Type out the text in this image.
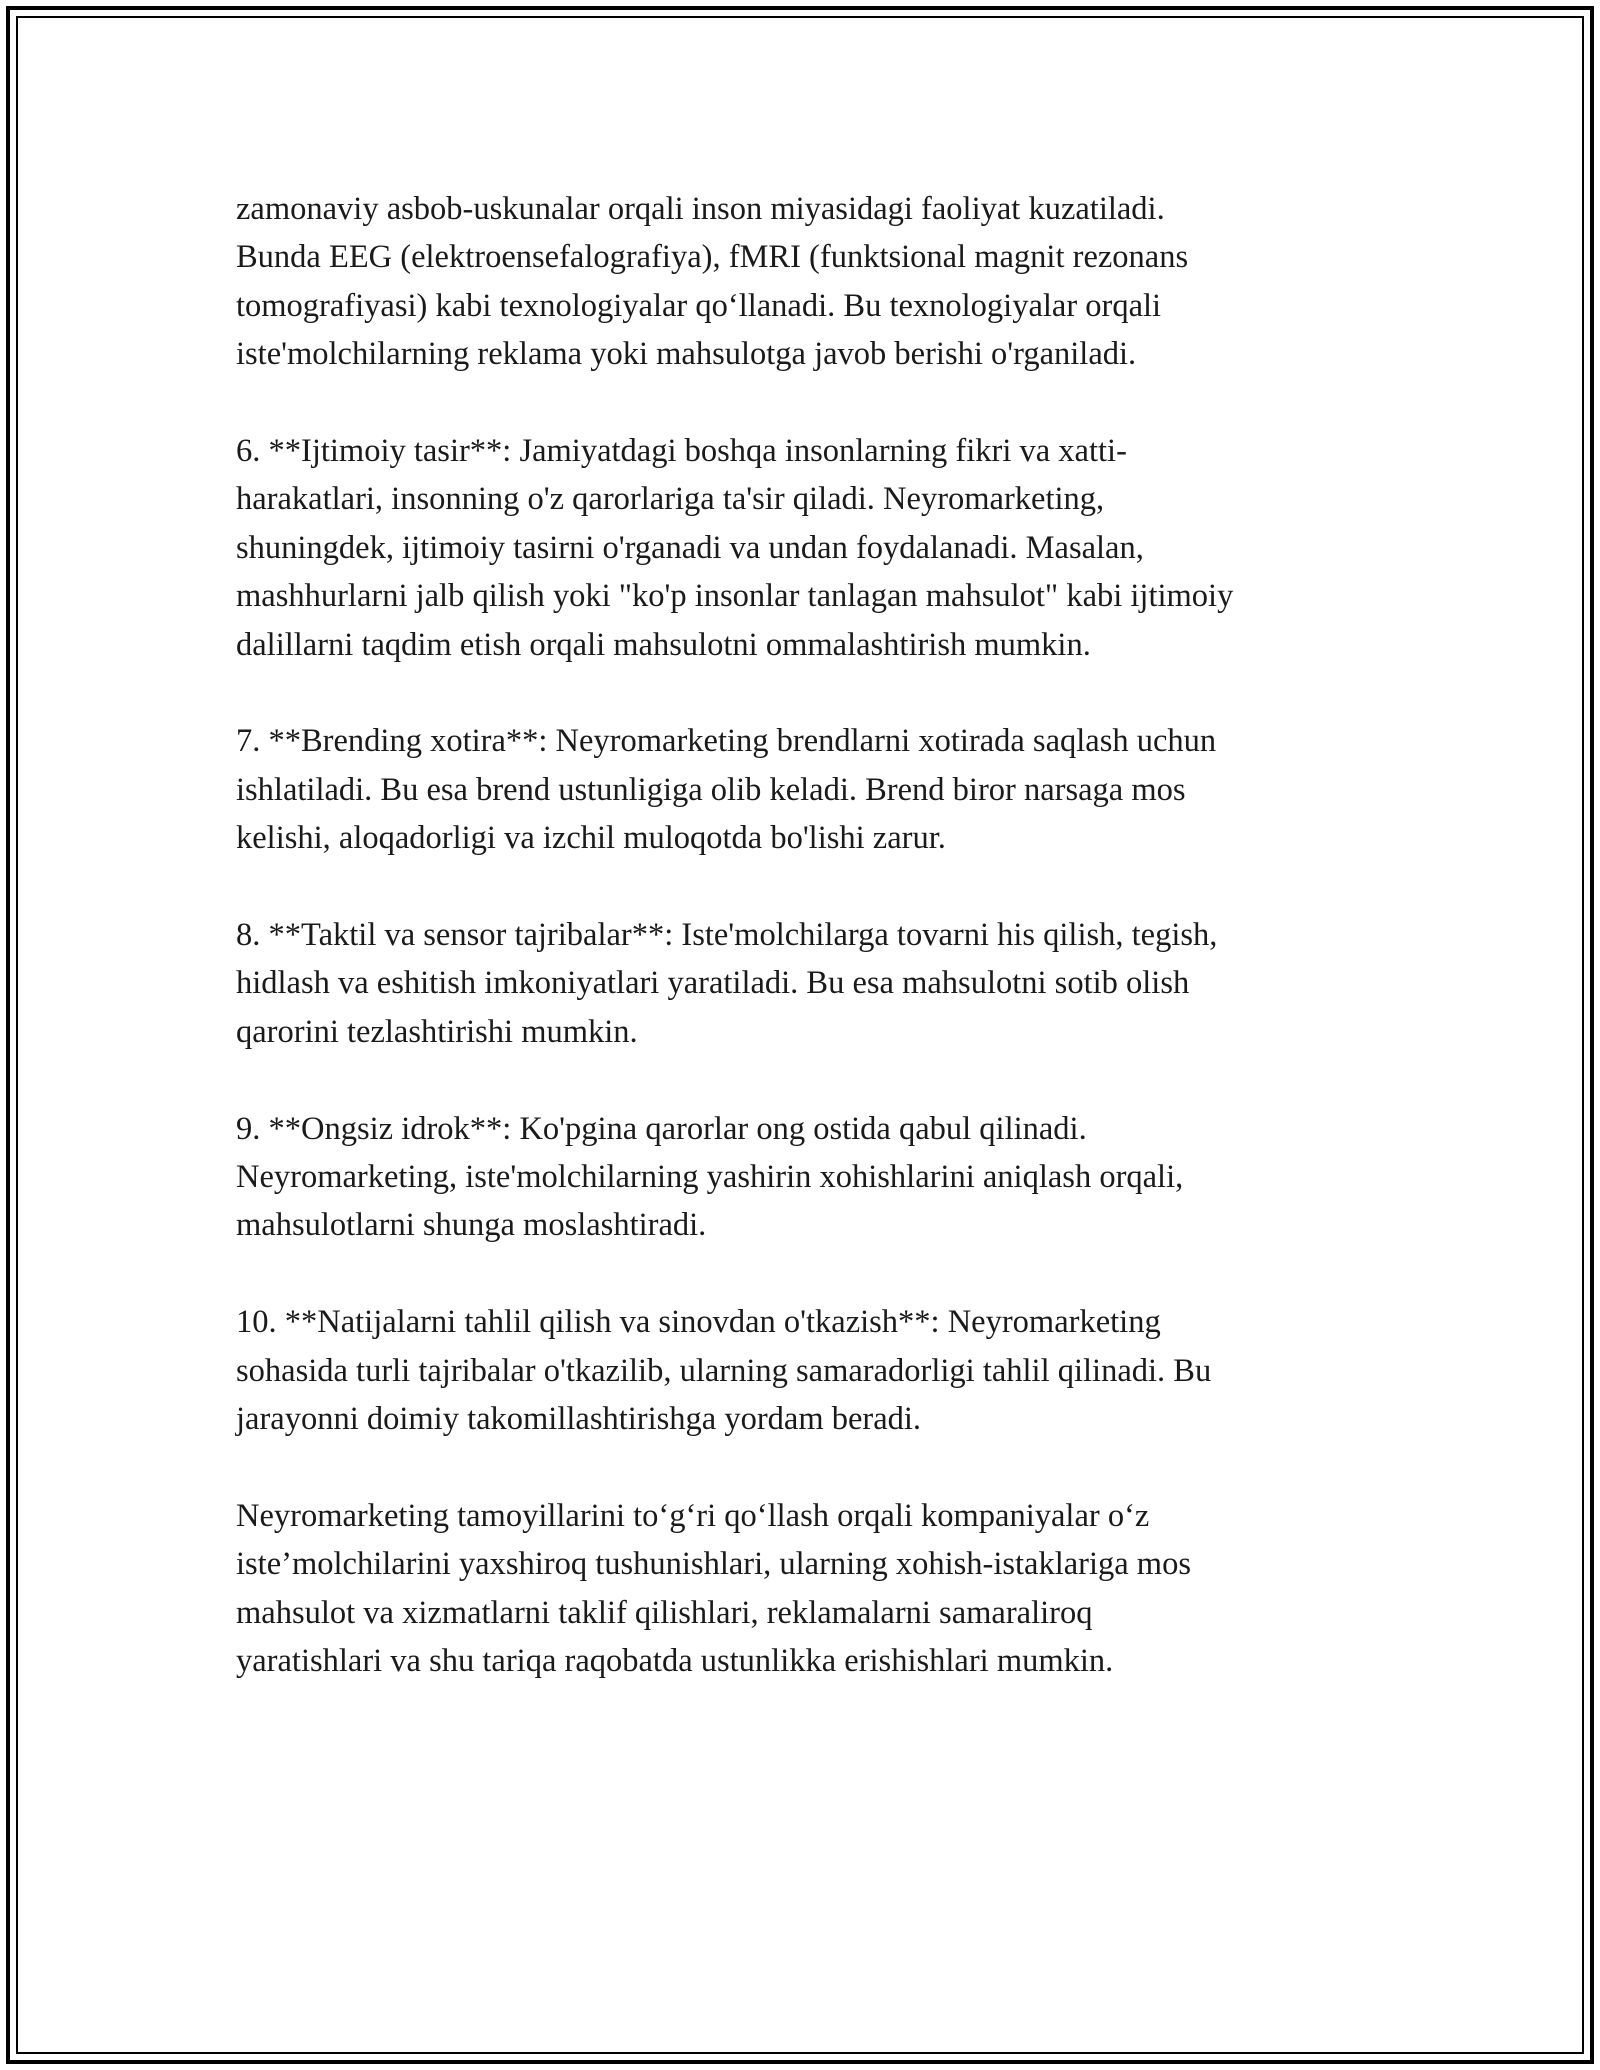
zamonaviy asbob-uskunalar orqali inson miyasidagi faoliyat kuzatiladi.
Bunda EEG (elektroensefalografiya), fMRI (funktsional magnit rezonans
tomografiyasi) kabi texnologiyalar qo‘llanadi. Bu texnologiyalar orqali
iste'molchilarning reklama yoki mahsulotga javob berishi o'rganiladi.

6. **Ijtimoiy tasir**: Jamiyatdagi boshqa insonlarning fikri va xatti-
harakatlari, insonning o'z qarorlariga ta'sir qiladi. Neyromarketing,
shuningdek, ijtimoiy tasirni o'rganadi va undan foydalanadi. Masalan,
mashhurlarni jalb qilish yoki "ko'p insonlar tanlagan mahsulot" kabi ijtimoiy
dalillarni taqdim etish orqali mahsulotni ommalashtirish mumkin.

7. **Brending xotira**: Neyromarketing brendlarni xotirada saqlash uchun
ishlatiladi. Bu esa brend ustunligiga olib keladi. Brend biror narsaga mos
kelishi, aloqadorligi va izchil muloqotda bo'lishi zarur.

8. **Taktil va sensor tajribalar**: Iste'molchilarga tovarni his qilish, tegish,
hidlash va eshitish imkoniyatlari yaratiladi. Bu esa mahsulotni sotib olish
qarorini tezlashtirishi mumkin.

9. **Ongsiz idrok**: Ko'pgina qarorlar ong ostida qabul qilinadi.
Neyromarketing, iste'molchilarning yashirin xohishlarini aniqlash orqali,
mahsulotlarni shunga moslashtiradi.

10. **Natijalarni tahlil qilish va sinovdan o'tkazish**: Neyromarketing
sohasida turli tajribalar o'tkazilib, ularning samaradorligi tahlil qilinadi. Bu
jarayonni doimiy takomillashtirishga yordam beradi.

Neyromarketing tamoyillarini to‘g‘ri qo‘llash orqali kompaniyalar o‘z
iste’molchilarini yaxshiroq tushunishlari, ularning xohish-istaklariga mos
mahsulot va xizmatlarni taklif qilishlari, reklamalarni samaraliroq
yaratishlari va shu tariqa raqobatda ustunlikka erishishlari mumkin.
